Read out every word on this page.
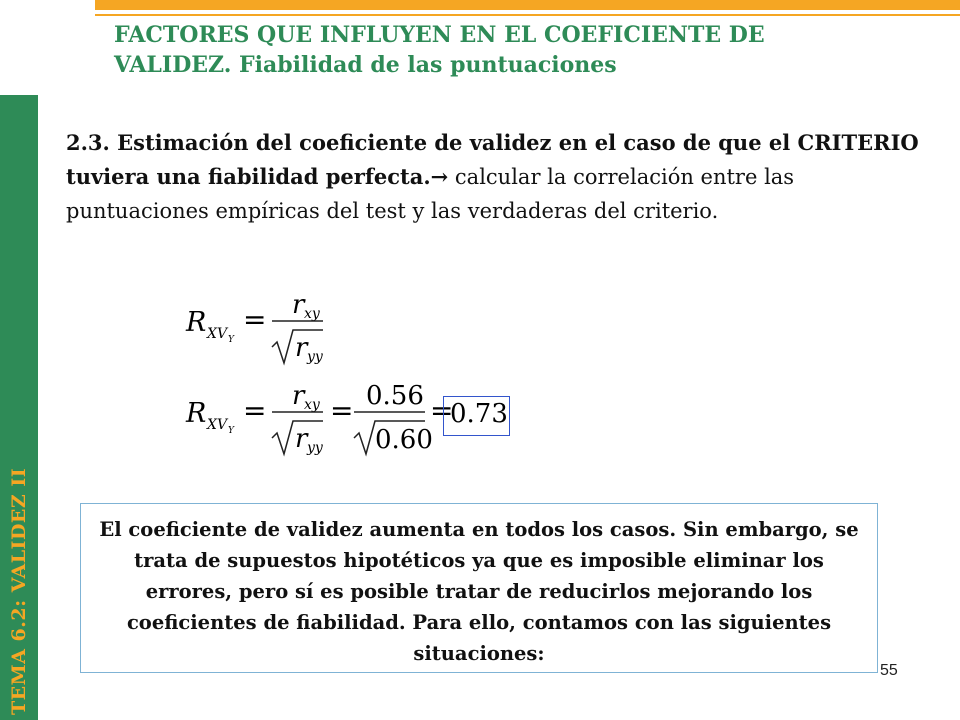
TEMA 6.2: VALIDEZ II
FACTORES QUE INFLUYEN EN EL COEFICIENTE DE
VALIDEZ. Fiabilidad de las puntuaciones
2.3. Estimación del coeficiente de validez en el caso de que el CRITERIO tuviera una fiabilidad perfecta.→ calcular la correlación entre las puntuaciones empíricas del test y las verdaderas del criterio.
R XV Y
= r xy
r yy
R XV Y
= r xy
r yy
= 0.56
0.60
=
0.73
El coeficiente de validez aumenta en todos los casos. Sin embargo, se trata de supuestos hipotéticos ya que es imposible eliminar los errores, pero sí es posible tratar de reducirlos mejorando los coeficientes de fiabilidad. Para ello, contamos con las siguientes situaciones:
55
